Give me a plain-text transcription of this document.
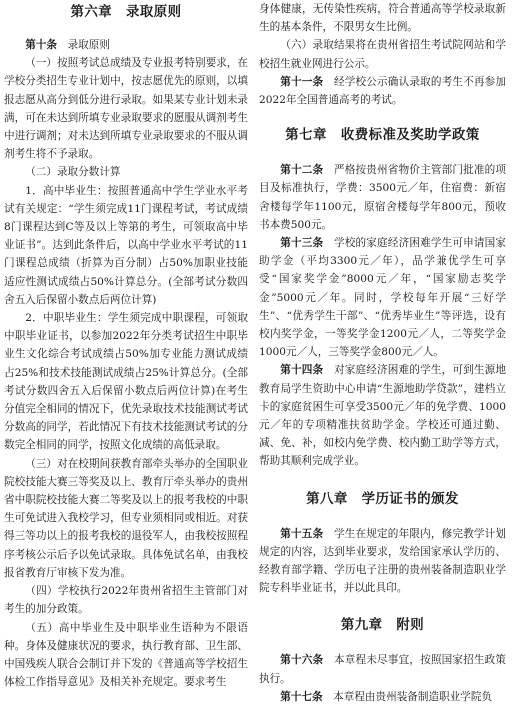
第六章　录取原则

第十条　 录取原则

（一）按照考试总成绩及专业报考特别要求，在学校分类招生专业计划中，按志愿优先的原则，以填报志愿从高分到低分进行录取。如果某专业计划未录满，可在未达到所填专业录取要求的愿服从调剂考生中进行调剂；对未达到所填专业录取要求的不服从调剂考生将不予录取。

（二）录取分数计算

1．高中毕业生：按照普通高中学生学业水平考试有关规定：“学生须完成11门课程考试，考试成绩8门课程达到C等及以上等第的考生，可领取高中毕业证书”。达到此条件后，以高中学业水平考试的11门课程总成绩（折算为百分制）占50%加职业技能适应性测试成绩占50%计算总分。(全部考试分数四舍五入后保留小数点后两位计算)

2．中职毕业生：学生须完成中职课程，可领取中职毕业证书，以参加2022年分类考试招生中职毕业生文化综合考试成绩占50%加专业能力测试成绩占25%和技术技能测试成绩占25%计算总分。(全部考试分数四舍五入后保留小数点后两位计算)在考生分值完全相同的情况下，优先录取技术技能测试考试分数高的同学，若此情况下有技术技能测试考试的分数完全相同的同学，按照文化成绩的高低录取。

（三）对在校期间获教育部牵头举办的全国职业院校技能大赛三等奖及以上、教育厅牵头举办的贵州省中职院校技能大赛二等奖及以上的报考我校的中职生可免试进入我校学习，但专业须相同或相近。对获得三等功以上的报考我校的退役军人，由我校按照程序考核公示后予以免试录取。具体免试名单，由我校报省教育厅审核下发为准。

（四）学校执行2022年贵州省招生主管部门对考生的加分政策。

（五）高中毕业生及中职毕业生语种为不限语种。身体及健康状况的要求，执行教育部、卫生部、中国残疾人联合会制订并下发的《普通高等学校招生体检工作指导意见》及相关补充规定。要求考生

身体健康，无传染性疾病，符合普通高等学校录取新生的基本条件，不限男女生比例。

（六）录取结果将在贵州省招生考试院网站和学校招生就业网进行公示。

第十一条　 经学校公示确认录取的考生不再参加2022年全国普通高考的考试。

第七章　收费标准及奖助学政策

第十二条　 严格按贵州省物价主管部门批准的项目及标准执行，学费：3500元／年，住宿费：新宿舍楼每学年1100元，原宿舍楼每学年800元，预收书本费500元。

第十三条　 学校的家庭经济困难学生可申请国家助学金（平均3300元／年），品学兼优学生可享受“国家奖学金”8000元／年，“国家励志奖学金”5000元／年。同时，学校每年开展“三好学生”、“优秀学生干部”、“优秀毕业生”等评选，设有校内奖学金，一等奖学金1200元／人，二等奖学金1000元／人，三等奖学金800元／人。

第十四条　 对家庭经济困难的学生，可到生源地教育局学生资助中心申请“生源地助学贷款”，建档立卡的家庭贫困生可享受3500元／年的免学费、1000元／年的专项精准扶贫助学金。学校还可通过勤、减、免、补，如校内免学费、校内勤工助学等方式，帮助其顺利完成学业。

第八章　学历证书的颁发

第十五条　 学生在规定的年限内，修完教学计划规定的内容，达到毕业要求，发给国家承认学历的、经教育部学籍、学历电子注册的贵州装备制造职业学院专科毕业证书，并以此具印。

第九章　附则

第十六条　 本章程未尽事宜，按照国家招生政策执行。

第十七条　 本章程由贵州装备制造职业学院负
